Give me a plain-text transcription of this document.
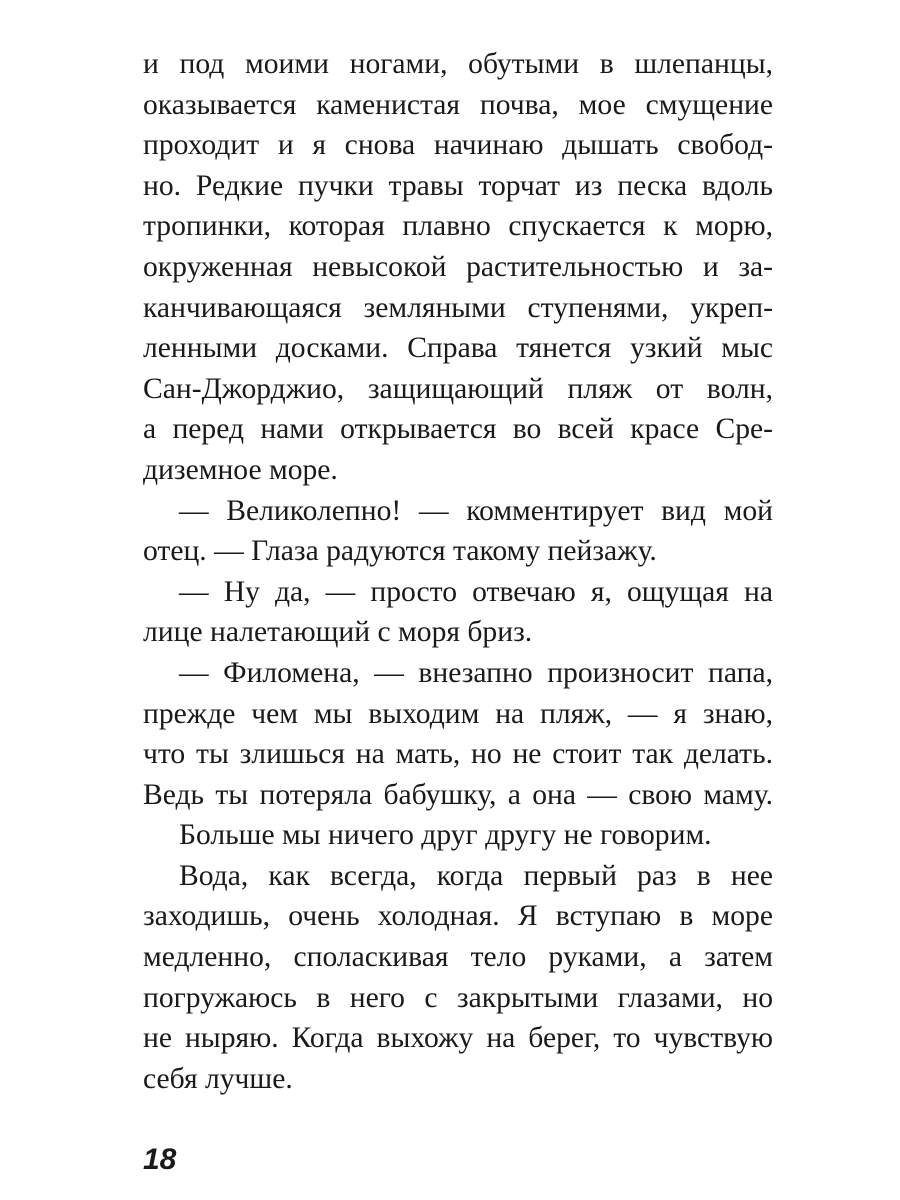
и под моими ногами, обутыми в шлепанцы,
оказывается каменистая почва, мое смущение
проходит и я снова начинаю дышать свобод-
но. Редкие пучки травы торчат из песка вдоль
тропинки, которая плавно спускается к морю,
окруженная невысокой растительностью и за-
канчивающаяся земляными ступенями, укреп-
ленными досками. Справа тянется узкий мыс
Сан-Джорджио, защищающий пляж от волн,
а перед нами открывается во всей красе Сре-
диземное море.
— Великолепно! — комментирует вид мой
отец. — Глаза радуются такому пейзажу.
— Ну да, — просто отвечаю я, ощущая на
лице налетающий с моря бриз.
— Филомена, — внезапно произносит папа,
прежде чем мы выходим на пляж, — я знаю,
что ты злишься на мать, но не стоит так делать.
Ведь ты потеряла бабушку, а она — свою маму.
Больше мы ничего друг другу не говорим.
Вода, как всегда, когда первый раз в нее
заходишь, очень холодная. Я вступаю в море
медленно, споласкивая тело руками, а затем
погружаюсь в него с закрытыми глазами, но
не ныряю. Когда выхожу на берег, то чувствую
себя лучше.
18
